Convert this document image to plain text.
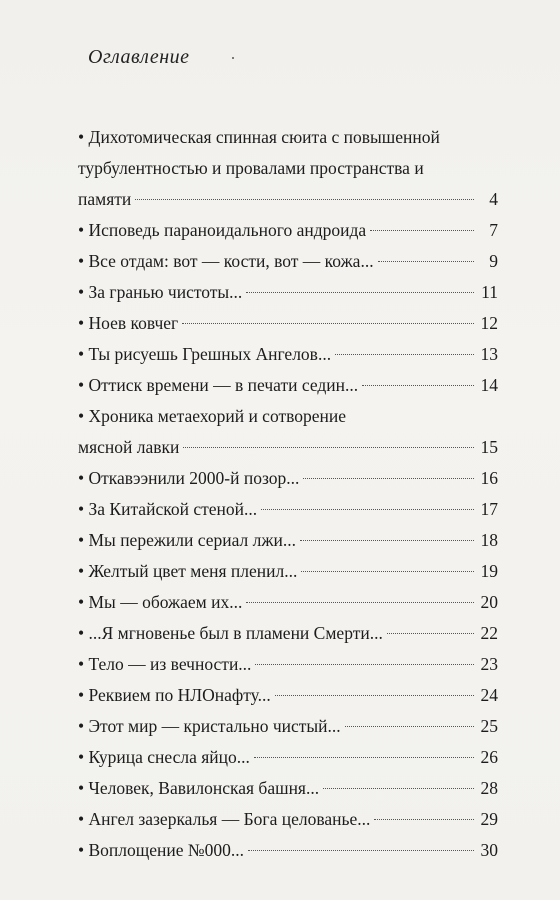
Оглавление
• Дихотомическая спинная сюита с повышенной
турбулентностью и провалами пространства и
памяти	4
• Исповедь параноидального андроида	7
• Все отдам: вот — кости, вот — кожа...	9
• За гранью чистоты...	11
• Ноев ковчег	12
• Ты рисуешь Грешных Ангелов...	13
• Оттиск времени — в печати седин...	14
• Хроника метаехорий и сотворение
мясной лавки	15
• Откавээнили 2000-й позор...	16
• За Китайской стеной...	17
• Мы пережили сериал лжи...	18
• Желтый цвет меня пленил...	19
• Мы — обожаем их...	20
• ...Я мгновенье был в пламени Смерти...	22
• Тело — из вечности...	23
• Реквием по НЛОнафту...	24
• Этот мир — кристально чистый...	25
• Курица снесла яйцо...	26
• Человек, Вавилонская башня...	28
• Ангел зазеркалья — Бога целованье...	29
• Воплощение №000...	30
